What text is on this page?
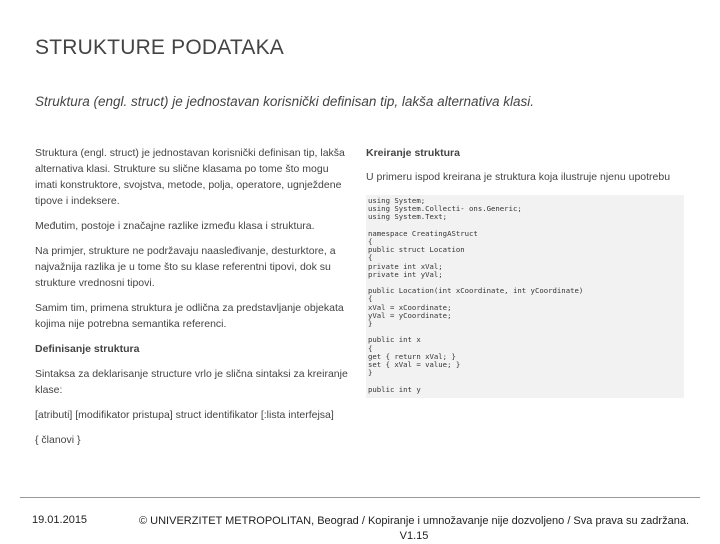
STRUKTURE PODATAKA
Struktura (engl. struct) je jednostavan korisnički definisan tip, lakša alternativa klasi.

Struktura (engl. struct) je jednostavan korisnički definisan tip, lakša alternativa klasi. Strukture su slične klasama po tome što mogu imati konstruktore, svojstva, metode, polja, operatore, ugnježdene tipove i indeksere.

Međutim, postoje i značajne razlike između klasa i struktura.

Na primjer, strukture ne podržavaju naasleđivanje, desturktore, a najvažnija razlika je u tome što su klase referentni tipovi, dok su strukture vrednosni tipovi.

Samim tim, primena struktura je odlična za predstavljanje objekata kojima nije potrebna semantika referenci.

Definisanje struktura

Sintaksa za deklarisanje structure vrlo je slična sintaksi za kreiranje klase:

[atributi] [modifikator pristupa] struct identifikator [:lista interfejsa]

{ članovi }

Kreiranje struktura

U primeru ispod kreirana je struktura koja ilustruje njenu upotrebu

using System;
using System.Collecti- ons.Generic;
using System.Text;
namespace CreatingAStruct
{
public struct Location
{
private int xVal;
private int yVal;
public Location(int xCoordinate, int yCoordinate)
{
xVal = xCoordinate;
yVal = yCoordinate;
}
public int x
{
get { return xVal; }
set { xVal = value; }
}
public int y
19.01.2015	© UNIVERZITET METROPOLITAN, Beograd / Kopiranje i umnožavanje nije dozvoljeno / Sva prava su zadržana.
V1.15
